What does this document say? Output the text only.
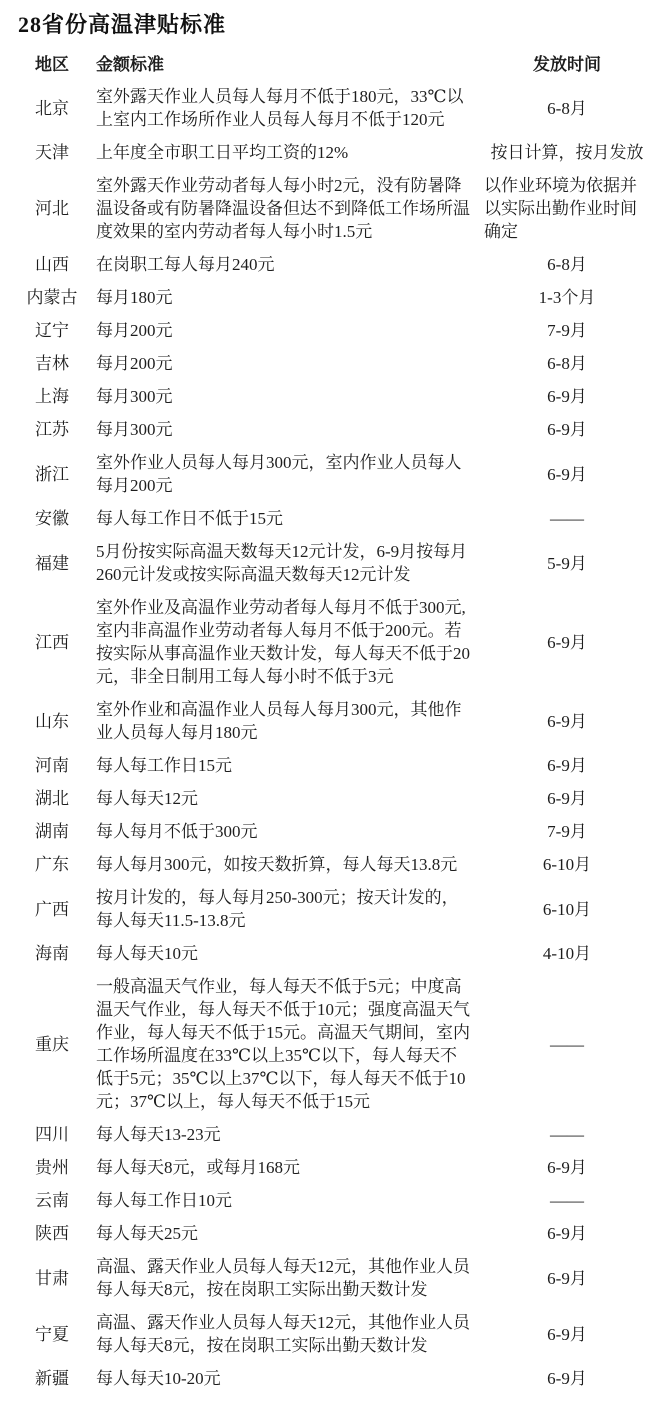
28省份高温津贴标准
地区	金额标准	发放时间
北京	室外露天作业人员每人每月不低于180元，33℃以上室内工作场所作业人员每人每月不低于120元	6-8月
天津	上年度全市职工日平均工资的12%	按日计算，按月发放
河北	室外露天作业劳动者每人每小时2元，没有防暑降温设备或有防暑降温设备但达不到降低工作场所温度效果的室内劳动者每人每小时1.5元	以作业环境为依据并以实际出勤作业时间确定
山西	在岗职工每人每月240元	6-8月
内蒙古	每月180元	1-3个月
辽宁	每月200元	7-9月
吉林	每月200元	6-8月
上海	每月300元	6-9月
江苏	每月300元	6-9月
浙江	室外作业人员每人每月300元，室内作业人员每人每月200元	6-9月
安徽	每人每工作日不低于15元	——
福建	5月份按实际高温天数每天12元计发，6-9月按每月260元计发或按实际高温天数每天12元计发	5-9月
江西	室外作业及高温作业劳动者每人每月不低于300元,室内非高温作业劳动者每人每月不低于200元。若按实际从事高温作业天数计发，每人每天不低于20元，非全日制用工每人每小时不低于3元	6-9月
山东	室外作业和高温作业人员每人每月300元，其他作业人员每人每月180元	6-9月
河南	每人每工作日15元	6-9月
湖北	每人每天12元	6-9月
湖南	每人每月不低于300元	7-9月
广东	每人每月300元，如按天数折算，每人每天13.8元	6-10月
广西	按月计发的，每人每月250-300元；按天计发的，每人每天11.5-13.8元	6-10月
海南	每人每天10元	4-10月
重庆	一般高温天气作业，每人每天不低于5元；中度高温天气作业，每人每天不低于10元；强度高温天气作业，每人每天不低于15元。高温天气期间，室内工作场所温度在33℃以上35℃以下，每人每天不低于5元；35℃以上37℃以下，每人每天不低于10元；37℃以上，每人每天不低于15元	——
四川	每人每天13-23元	——
贵州	每人每天8元，或每月168元	6-9月
云南	每人每工作日10元	——
陕西	每人每天25元	6-9月
甘肃	高温、露天作业人员每人每天12元，其他作业人员每人每天8元，按在岗职工实际出勤天数计发	6-9月
宁夏	高温、露天作业人员每人每天12元，其他作业人员每人每天8元，按在岗职工实际出勤天数计发	6-9月
新疆	每人每天10-20元	6-9月
